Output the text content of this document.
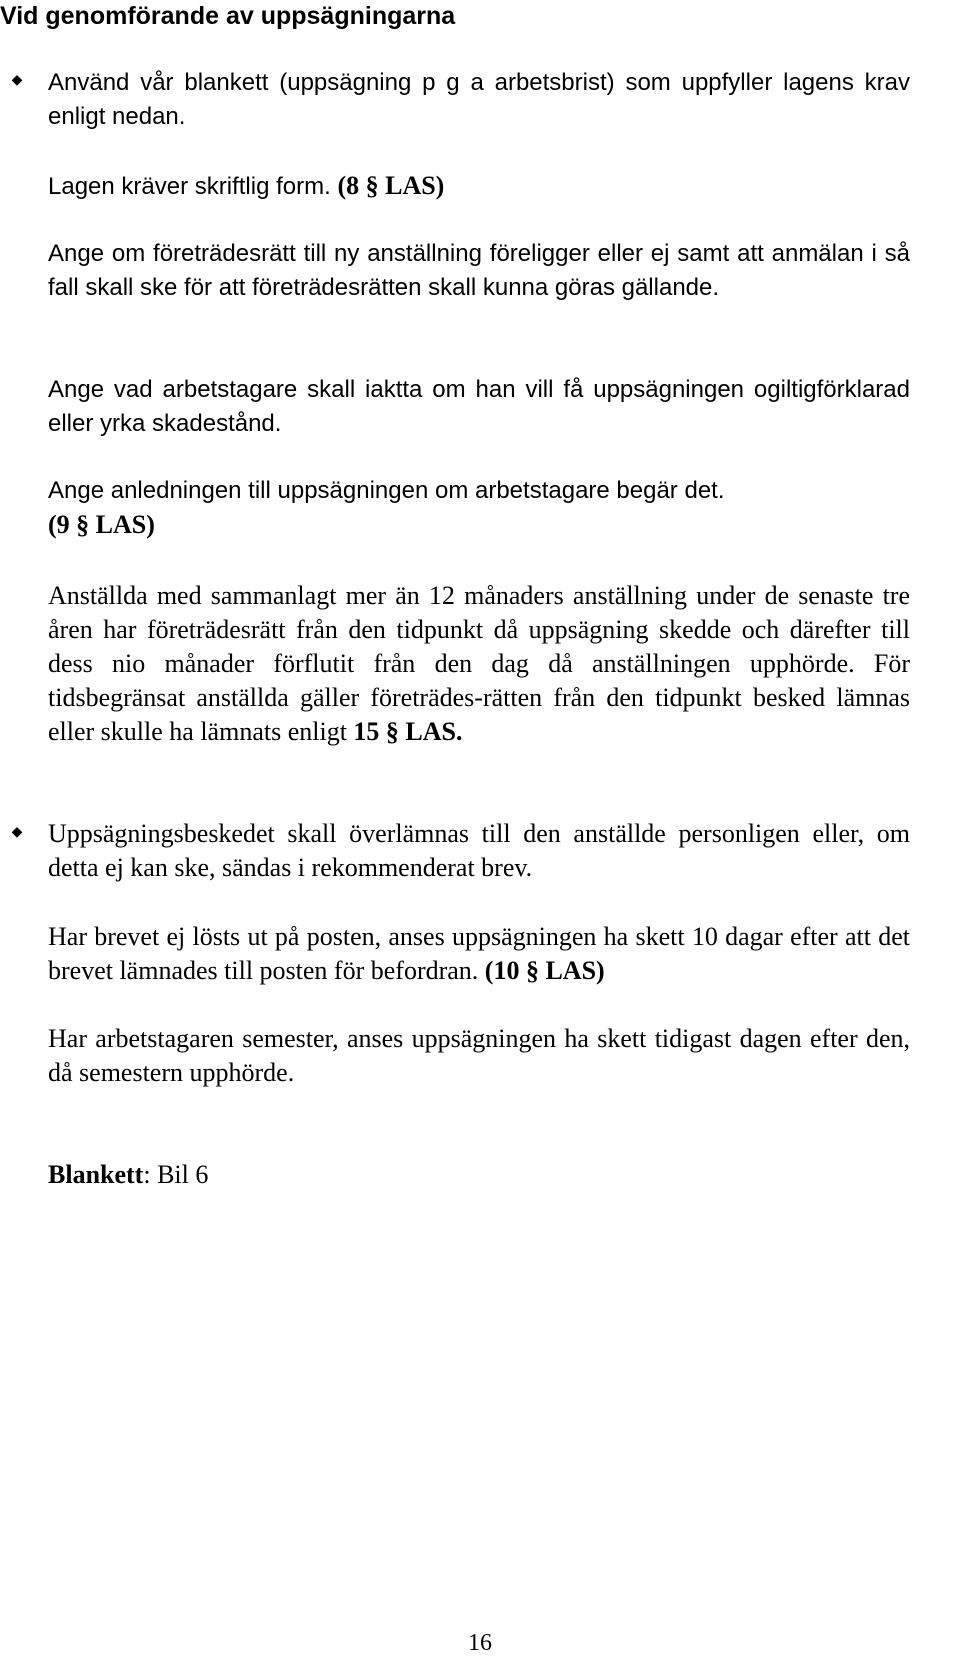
Vid genomförande av uppsägningarna
◆ Använd vår blankett (uppsägning p g a arbetsbrist) som uppfyller lagens krav enligt nedan.
Lagen kräver skriftlig form. (8 § LAS)
Ange om företrädesrätt till ny anställning föreligger eller ej samt att anmälan i så fall skall ske för att företrädesrätten skall kunna göras gällande.
Ange vad arbetstagare skall iaktta om han vill få uppsägningen ogiltigförklarad eller yrka skadestånd.
Ange anledningen till uppsägningen om arbetstagare begär det.
(9 § LAS)
Anställda med sammanlagt mer än 12 månaders anställning under de senaste tre åren har företrädesrätt från den tidpunkt då uppsägning skedde och därefter till dess nio månader förflutit från den dag då anställningen upphörde. För tidsbegränsat anställda gäller företrädes-rätten från den tidpunkt besked lämnas eller skulle ha lämnats enligt 15 § LAS.
◆ Uppsägningsbeskedet skall överlämnas till den anställde personligen eller, om detta ej kan ske, sändas i rekommenderat brev.
Har brevet ej lösts ut på posten, anses uppsägningen ha skett 10 dagar efter att det brevet lämnades till posten för befordran. (10 § LAS)
Har arbetstagaren semester, anses uppsägningen ha skett tidigast dagen efter den, då semestern upphörde.
Blankett: Bil 6
16
